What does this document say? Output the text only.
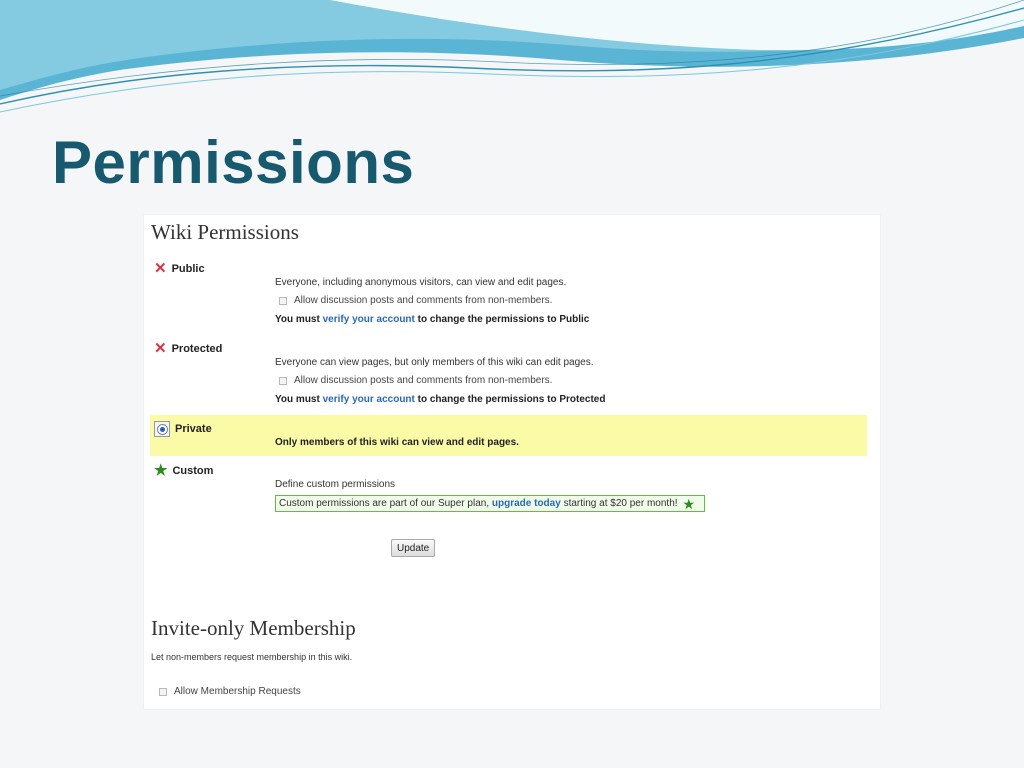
Permissions
Wiki Permissions
✕ Public
Everyone, including anonymous visitors, can view and edit pages.
Allow discussion posts and comments from non-members.
You must verify your account to change the permissions to Public
✕ Protected
Everyone can view pages, but only members of this wiki can edit pages.
Allow discussion posts and comments from non-members.
You must verify your account to change the permissions to Protected
Private
Only members of this wiki can view and edit pages.
★ Custom
Define custom permissions
Custom permissions are part of our Super plan,
upgrade today
starting at $20 per month! ★
Update
Invite-only Membership
Let non-members request membership in this wiki.
Allow Membership Requests
